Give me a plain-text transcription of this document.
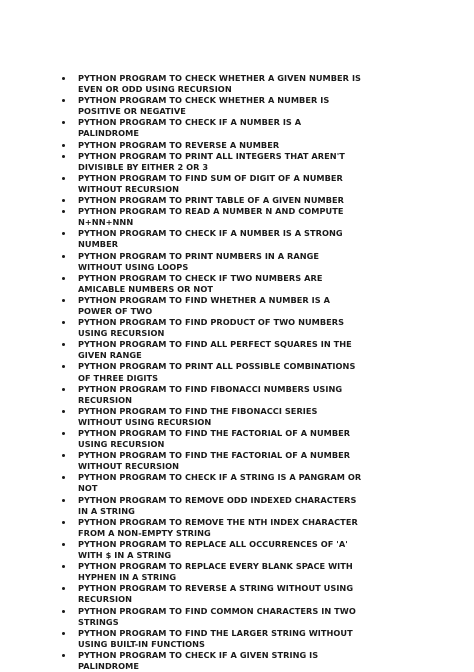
PYTHON PROGRAM TO CHECK WHETHER A GIVEN NUMBER IS EVEN OR ODD USING RECURSION
PYTHON PROGRAM TO CHECK WHETHER A NUMBER IS POSITIVE OR NEGATIVE
PYTHON PROGRAM TO CHECK IF A NUMBER IS A PALINDROME
PYTHON PROGRAM TO REVERSE A NUMBER
PYTHON PROGRAM TO PRINT ALL INTEGERS THAT AREN'T DIVISIBLE BY EITHER 2 OR 3
PYTHON PROGRAM TO FIND SUM OF DIGIT OF A NUMBER WITHOUT RECURSION
PYTHON PROGRAM TO PRINT TABLE OF A GIVEN NUMBER
PYTHON PROGRAM TO READ A NUMBER N AND COMPUTE N+NN+NNN
PYTHON PROGRAM TO CHECK IF A NUMBER IS A STRONG NUMBER
PYTHON PROGRAM TO PRINT NUMBERS IN A RANGE WITHOUT USING LOOPS
PYTHON PROGRAM TO CHECK IF TWO NUMBERS ARE AMICABLE NUMBERS OR NOT
PYTHON PROGRAM TO FIND WHETHER A NUMBER IS A POWER OF TWO
PYTHON PROGRAM TO FIND PRODUCT OF TWO NUMBERS USING RECURSION
PYTHON PROGRAM TO FIND ALL PERFECT SQUARES IN THE GIVEN RANGE
PYTHON PROGRAM TO PRINT ALL POSSIBLE COMBINATIONS OF THREE DIGITS
PYTHON PROGRAM TO FIND FIBONACCI NUMBERS USING RECURSION
PYTHON PROGRAM TO FIND THE FIBONACCI SERIES WITHOUT USING RECURSION
PYTHON PROGRAM TO FIND THE FACTORIAL OF A NUMBER USING RECURSION
PYTHON PROGRAM TO FIND THE FACTORIAL OF A NUMBER WITHOUT RECURSION
PYTHON PROGRAM TO CHECK IF A STRING IS A PANGRAM OR NOT
PYTHON PROGRAM TO REMOVE ODD INDEXED CHARACTERS IN A STRING
PYTHON PROGRAM TO REMOVE THE NTH INDEX CHARACTER FROM A NON-EMPTY STRING
PYTHON PROGRAM TO REPLACE ALL OCCURRENCES OF 'A' WITH $ IN A STRING
PYTHON PROGRAM TO REPLACE EVERY BLANK SPACE WITH HYPHEN IN A STRING
PYTHON PROGRAM TO REVERSE A STRING WITHOUT USING RECURSION
PYTHON PROGRAM TO FIND COMMON CHARACTERS IN TWO STRINGS
PYTHON PROGRAM TO FIND THE LARGER STRING WITHOUT USING BUILT-IN FUNCTIONS
PYTHON PROGRAM TO CHECK IF A GIVEN STRING IS PALINDROME
